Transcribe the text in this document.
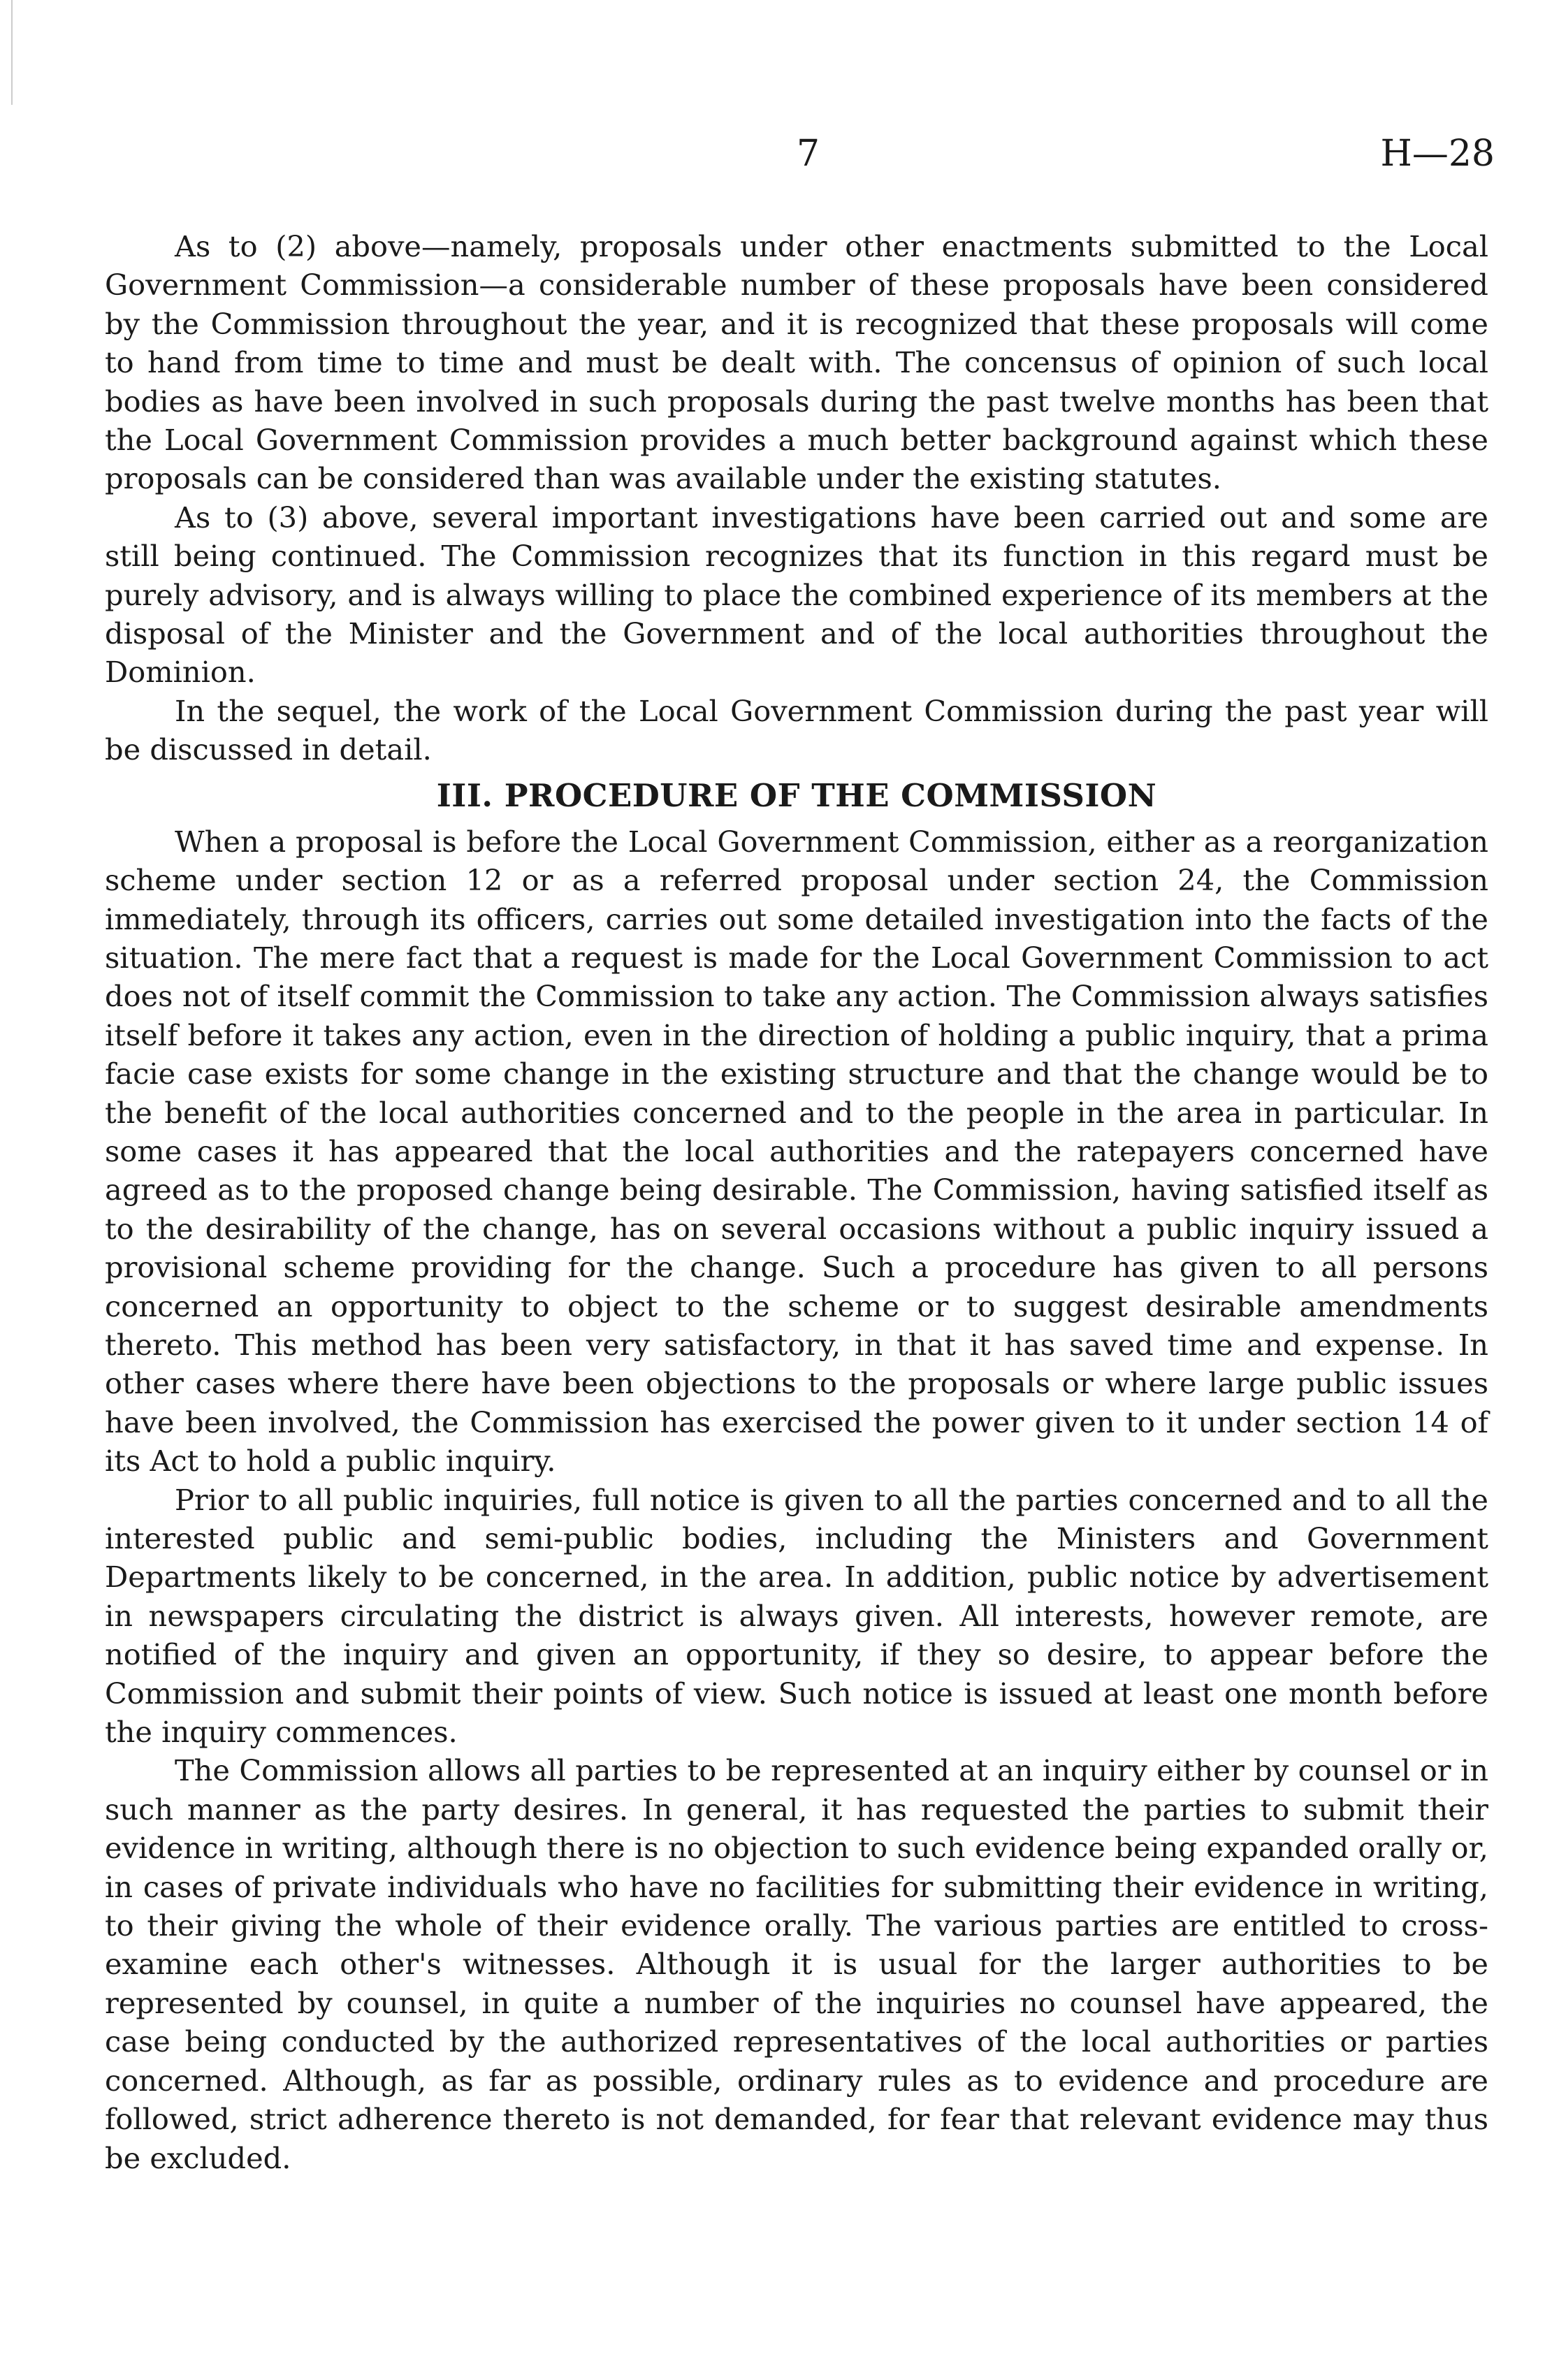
7	H—28

As to (2) above—namely, proposals under other enactments submitted to the Local Government Commission—a considerable number of these proposals have been considered by the Commission throughout the year, and it is recognized that these proposals will come to hand from time to time and must be dealt with. The concensus of opinion of such local bodies as have been involved in such proposals during the past twelve months has been that the Local Government Commission provides a much better background against which these proposals can be considered than was available under the existing statutes.

As to (3) above, several important investigations have been carried out and some are still being continued. The Commission recognizes that its function in this regard must be purely advisory, and is always willing to place the combined experience of its members at the disposal of the Minister and the Government and of the local authorities throughout the Dominion.

In the sequel, the work of the Local Government Commission during the past year will be discussed in detail.

III. PROCEDURE OF THE COMMISSION

When a proposal is before the Local Government Commission, either as a reorganization scheme under section 12 or as a referred proposal under section 24, the Commission immediately, through its officers, carries out some detailed investigation into the facts of the situation. The mere fact that a request is made for the Local Government Commission to act does not of itself commit the Commission to take any action. The Commission always satisfies itself before it takes any action, even in the direction of holding a public inquiry, that a prima facie case exists for some change in the existing structure and that the change would be to the benefit of the local authorities concerned and to the people in the area in particular. In some cases it has appeared that the local authorities and the ratepayers concerned have agreed as to the proposed change being desirable. The Commission, having satisfied itself as to the desirability of the change, has on several occasions without a public inquiry issued a provisional scheme providing for the change. Such a procedure has given to all persons concerned an opportunity to object to the scheme or to suggest desirable amendments thereto. This method has been very satisfactory, in that it has saved time and expense. In other cases where there have been objections to the proposals or where large public issues have been involved, the Commission has exercised the power given to it under section 14 of its Act to hold a public inquiry.

Prior to all public inquiries, full notice is given to all the parties concerned and to all the interested public and semi-public bodies, including the Ministers and Government Departments likely to be concerned, in the area. In addition, public notice by advertisement in newspapers circulating the district is always given. All interests, however remote, are notified of the inquiry and given an opportunity, if they so desire, to appear before the Commission and submit their points of view. Such notice is issued at least one month before the inquiry commences.

The Commission allows all parties to be represented at an inquiry either by counsel or in such manner as the party desires. In general, it has requested the parties to submit their evidence in writing, although there is no objection to such evidence being expanded orally or, in cases of private individuals who have no facilities for submitting their evidence in writing, to their giving the whole of their evidence orally. The various parties are entitled to cross-examine each other's witnesses. Although it is usual for the larger authorities to be represented by counsel, in quite a number of the inquiries no counsel have appeared, the case being conducted by the authorized representatives of the local authorities or parties concerned. Although, as far as possible, ordinary rules as to evidence and procedure are followed, strict adherence thereto is not demanded, for fear that relevant evidence may thus be excluded.
